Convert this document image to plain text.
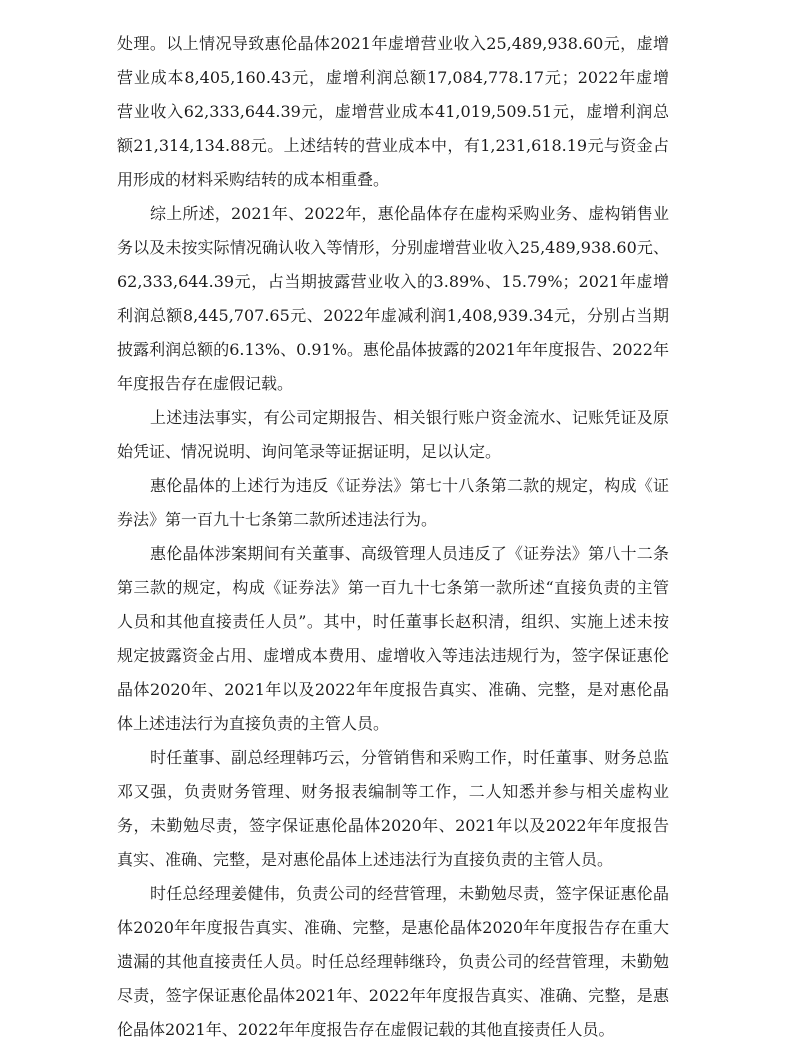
处理。以上情况导致惠伦晶体2021年虚增营业收入25,489,938.60元，虚增营业成本8,405,160.43元，虚增利润总额17,084,778.17元；2022年虚增营业收入62,333,644.39元，虚增营业成本41,019,509.51元，虚增利润总额21,314,134.88元。上述结转的营业成本中，有1,231,618.19元与资金占用形成的材料采购结转的成本相重叠。

综上所述，2021年、2022年，惠伦晶体存在虚构采购业务、虚构销售业务以及未按实际情况确认收入等情形，分别虚增营业收入25,489,938.60元、62,333,644.39元，占当期披露营业收入的3.89%、15.79%；2021年虚增利润总额8,445,707.65元、2022年虚减利润1,408,939.34元，分别占当期披露利润总额的6.13%、0.91%。惠伦晶体披露的2021年年度报告、2022年年度报告存在虚假记载。

上述违法事实，有公司定期报告、相关银行账户资金流水、记账凭证及原始凭证、情况说明、询问笔录等证据证明，足以认定。

惠伦晶体的上述行为违反《证券法》第七十八条第二款的规定，构成《证券法》第一百九十七条第二款所述违法行为。

惠伦晶体涉案期间有关董事、高级管理人员违反了《证券法》第八十二条第三款的规定，构成《证券法》第一百九十七条第一款所述“直接负责的主管人员和其他直接责任人员”。其中，时任董事长赵积清，组织、实施上述未按规定披露资金占用、虚增成本费用、虚增收入等违法违规行为，签字保证惠伦晶体2020年、2021年以及2022年年度报告真实、准确、完整，是对惠伦晶体上述违法行为直接负责的主管人员。

时任董事、副总经理韩巧云，分管销售和采购工作，时任董事、财务总监邓又强，负责财务管理、财务报表编制等工作，二人知悉并参与相关虚构业务，未勤勉尽责，签字保证惠伦晶体2020年、2021年以及2022年年度报告真实、准确、完整，是对惠伦晶体上述违法行为直接负责的主管人员。

时任总经理姜健伟，负责公司的经营管理，未勤勉尽责，签字保证惠伦晶体2020年年度报告真实、准确、完整，是惠伦晶体2020年年度报告存在重大遗漏的其他直接责任人员。时任总经理韩继玲，负责公司的经营管理，未勤勉尽责，签字保证惠伦晶体2021年、2022年年度报告真实、准确、完整，是惠伦晶体2021年、2022年年度报告存在虚假记载的其他直接责任人员。
